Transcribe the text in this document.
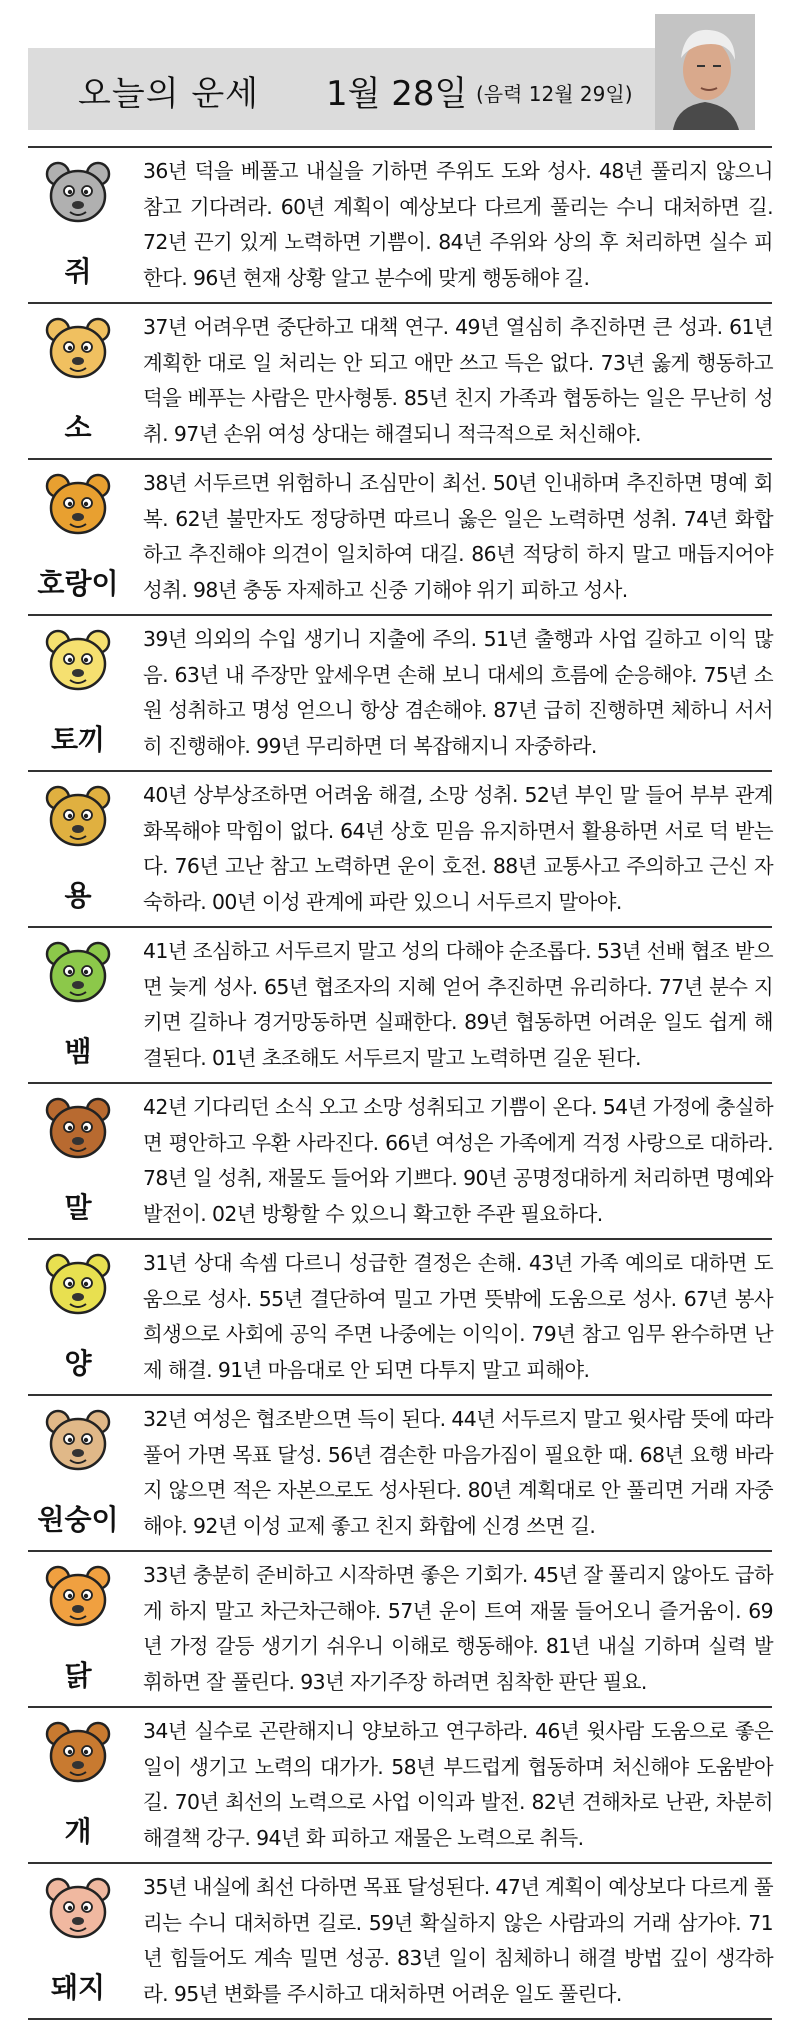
오늘의 운세 1월 28일 (음력 12월 29일)
쥐
36년 덕을 베풀고 내실을 기하면 주위도 도와 성사. 48년 풀리지 않으니 참고 기다려라. 60년 계획이 예상보다 다르게 풀리는 수니 대처하면 길. 72년 끈기 있게 노력하면 기쁨이. 84년 주위와 상의 후 처리하면 실수 피한다. 96년 현재 상황 알고 분수에 맞게 행동해야 길.
소
37년 어려우면 중단하고 대책 연구. 49년 열심히 추진하면 큰 성과. 61년 계획한 대로 일 처리는 안 되고 애만 쓰고 득은 없다. 73년 옳게 행동하고 덕을 베푸는 사람은 만사형통. 85년 친지 가족과 협동하는 일은 무난히 성취. 97년 손위 여성 상대는 해결되니 적극적으로 처신해야.
호랑이
38년 서두르면 위험하니 조심만이 최선. 50년 인내하며 추진하면 명예 회복. 62년 불만자도 정당하면 따르니 옳은 일은 노력하면 성취. 74년 화합하고 추진해야 의견이 일치하여 대길. 86년 적당히 하지 말고 매듭지어야 성취. 98년 충동 자제하고 신중 기해야 위기 피하고 성사.
토끼
39년 의외의 수입 생기니 지출에 주의. 51년 출행과 사업 길하고 이익 많음. 63년 내 주장만 앞세우면 손해 보니 대세의 흐름에 순응해야. 75년 소원 성취하고 명성 얻으니 항상 겸손해야. 87년 급히 진행하면 체하니 서서히 진행해야. 99년 무리하면 더 복잡해지니 자중하라.
용
40년 상부상조하면 어려움 해결, 소망 성취. 52년 부인 말 들어 부부 관계 화목해야 막힘이 없다. 64년 상호 믿음 유지하면서 활용하면 서로 덕 받는다. 76년 고난 참고 노력하면 운이 호전. 88년 교통사고 주의하고 근신 자숙하라. 00년 이성 관계에 파란 있으니 서두르지 말아야.
뱀
41년 조심하고 서두르지 말고 성의 다해야 순조롭다. 53년 선배 협조 받으면 늦게 성사. 65년 협조자의 지혜 얻어 추진하면 유리하다. 77년 분수 지키면 길하나 경거망동하면 실패한다. 89년 협동하면 어려운 일도 쉽게 해결된다. 01년 초조해도 서두르지 말고 노력하면 길운 된다.
말
42년 기다리던 소식 오고 소망 성취되고 기쁨이 온다. 54년 가정에 충실하면 평안하고 우환 사라진다. 66년 여성은 가족에게 걱정 사랑으로 대하라. 78년 일 성취, 재물도 들어와 기쁘다. 90년 공명정대하게 처리하면 명예와 발전이. 02년 방황할 수 있으니 확고한 주관 필요하다.
양
31년 상대 속셈 다르니 성급한 결정은 손해. 43년 가족 예의로 대하면 도움으로 성사. 55년 결단하여 밀고 가면 뜻밖에 도움으로 성사. 67년 봉사 희생으로 사회에 공익 주면 나중에는 이익이. 79년 참고 임무 완수하면 난제 해결. 91년 마음대로 안 되면 다투지 말고 피해야.
원숭이
32년 여성은 협조받으면 득이 된다. 44년 서두르지 말고 윗사람 뜻에 따라 풀어 가면 목표 달성. 56년 겸손한 마음가짐이 필요한 때. 68년 요행 바라지 않으면 적은 자본으로도 성사된다. 80년 계획대로 안 풀리면 거래 자중해야. 92년 이성 교제 좋고 친지 화합에 신경 쓰면 길.
닭
33년 충분히 준비하고 시작하면 좋은 기회가. 45년 잘 풀리지 않아도 급하게 하지 말고 차근차근해야. 57년 운이 트여 재물 들어오니 즐거움이. 69년 가정 갈등 생기기 쉬우니 이해로 행동해야. 81년 내실 기하며 실력 발휘하면 잘 풀린다. 93년 자기주장 하려면 침착한 판단 필요.
개
34년 실수로 곤란해지니 양보하고 연구하라. 46년 윗사람 도움으로 좋은 일이 생기고 노력의 대가가. 58년 부드럽게 협동하며 처신해야 도움받아 길. 70년 최선의 노력으로 사업 이익과 발전. 82년 견해차로 난관, 차분히 해결책 강구. 94년 화 피하고 재물은 노력으로 취득.
돼지
35년 내실에 최선 다하면 목표 달성된다. 47년 계획이 예상보다 다르게 풀리는 수니 대처하면 길로. 59년 확실하지 않은 사람과의 거래 삼가야. 71년 힘들어도 계속 밀면 성공. 83년 일이 침체하니 해결 방법 깊이 생각하라. 95년 변화를 주시하고 대처하면 어려운 일도 풀린다.
